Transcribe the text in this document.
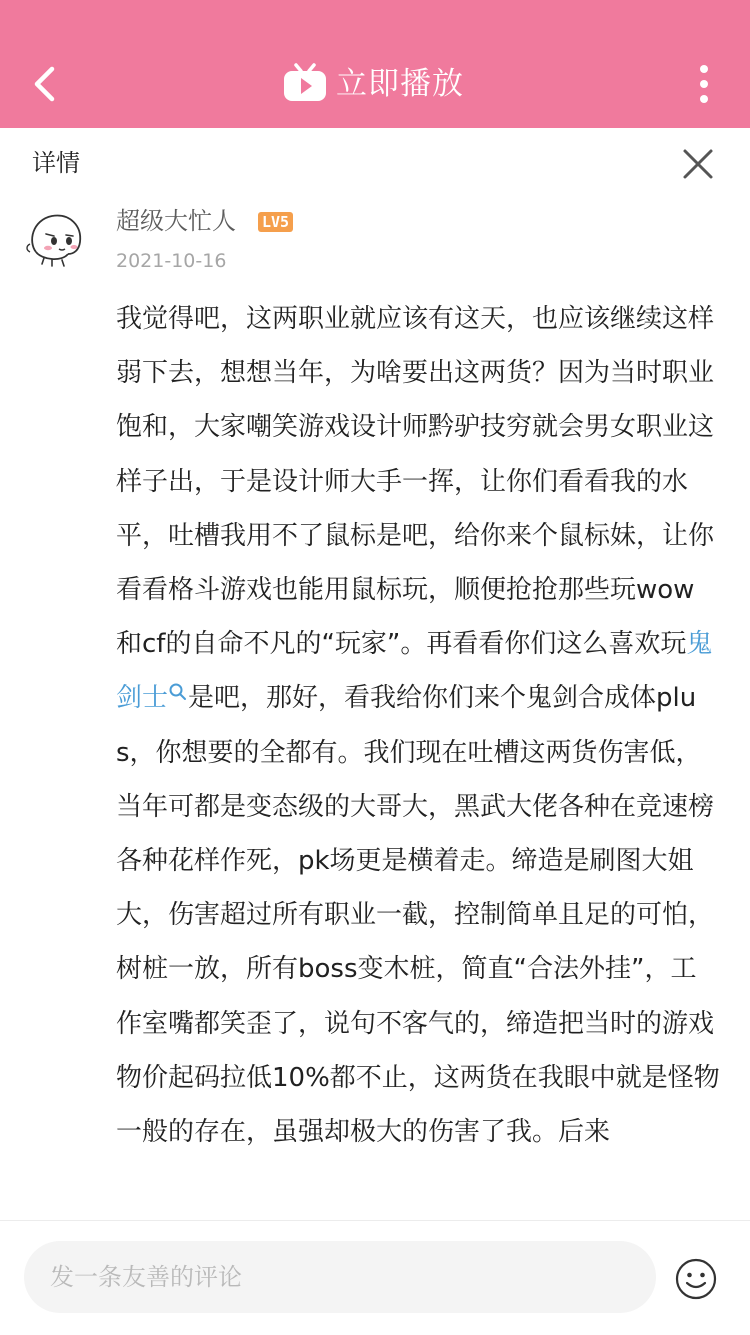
立即播放
详情
超级大忙人 LV5
2021-10-16
我觉得吧，这两职业就应该有这天，也应该继续这样弱下去，想想当年，为啥要出这两货？因为当时职业饱和，大家嘲笑游戏设计师黔驴技穷就会男女职业这样子出，于是设计师大手一挥，让你们看看我的水平，吐槽我用不了鼠标是吧，给你来个鼠标妹，让你看看格斗游戏也能用鼠标玩，顺便抢抢那些玩wow和cf的自命不凡的“玩家”。再看看你们这么喜欢玩鬼剑士 是吧，那好，看我给你们来个鬼剑合成体plus，你想要的全都有。我们现在吐槽这两货伤害低，当年可都是变态级的大哥大，黑武大佬各种在竞速榜各种花样作死，pk场更是横着走。缔造是刷图大姐大，伤害超过所有职业一截，控制简单且足的可怕，树桩一放，所有boss变木桩，简直“合法外挂”，工作室嘴都笑歪了，说句不客气的，缔造把当时的游戏物价起码拉低10%都不止，这两货在我眼中就是怪物一般的存在，虽强却极大的伤害了我。后来
发一条友善的评论
